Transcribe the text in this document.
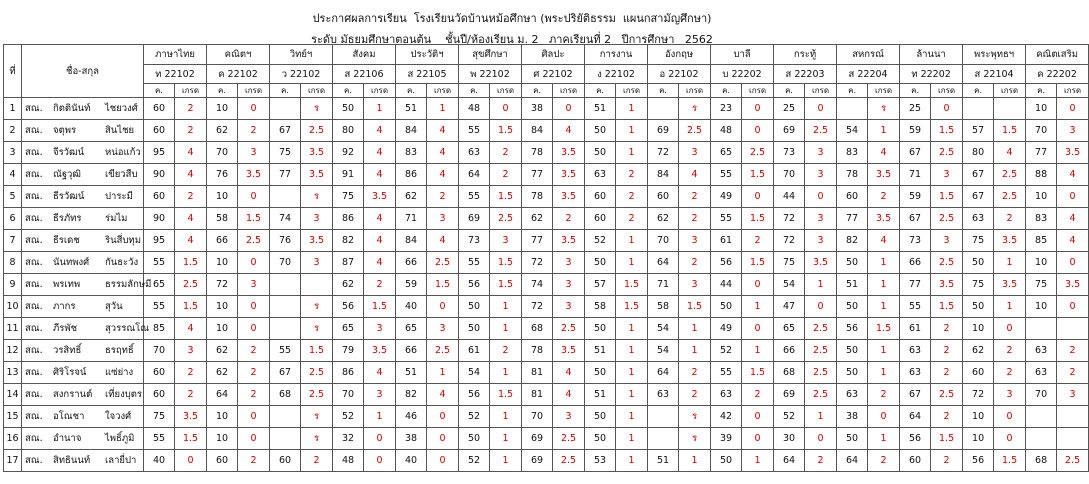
ประกาศผลการเรียน  โรงเรียนวัดบ้านหม้อศึกษา (พระปริยัติธรรม  แผนกสามัญศึกษา)
ระดับ มัธยมศึกษาตอนต้น    ชั้นปี/ห้องเรียน ม. 2   ภาคเรียนที่ 2   ปีการศึกษา   2562
ที่	ชื่อ-สกุล	ภาษาไทย		คณิตฯ		วิทย์ฯ		สังคม		ประวัติฯ		สุขศึกษา		ศิลปะ		การงาน		อังกฤษ		บาลี		กระทู้		สหกรณ์		ล้านนา		พระพุทธฯ		คณิตเสริม	
		ท 22102		ค 22102		ว 22102		ส 22106		ส 22105		พ 22102		ศ 22102		ง 22102		อ 22102		บ 22202		ส 22203		ส 22204		ท 22202		ส 22104		ค 22202	
		ค.	เกรด	ค.	เกรด	ค.	เกรด	ค.	เกรด	ค.	เกรด	ค.	เกรด	ค.	เกรด	ค.	เกรด	ค.	เกรด	ค.	เกรด	ค.	เกรด	ค.	เกรด	ค.	เกรด	ค.	เกรด	ค.	เกรด
1	สณ. กิตตินันท์ ไชยวงศ์	60	2	10	0		ร	50	1	51	1	48	0	38	0	51	1		ร	23	0	25	0		ร	25	0			10	0
2	สณ. จตุพร สินไชย	60	2	62	2	67	2.5	80	4	84	4	55	1.5	84	4	50	1	69	2.5	48	0	69	2.5	54	1	59	1.5	57	1.5	70	3
3	สณ. จีรวัฒน์ หน่อแก้ว	95	4	70	3	75	3.5	92	4	83	4	63	2	78	3.5	50	1	72	3	65	2.5	73	3	83	4	67	2.5	80	4	77	3.5
4	สณ. ณัฐวุฒิ เขียวสืบ	90	4	76	3.5	77	3.5	91	4	86	4	64	2	77	3.5	63	2	84	4	55	1.5	70	3	78	3.5	71	3	67	2.5	88	4
5	สณ. ธีรวัฒน์ ปาระมี	60	2	10	0		ร	75	3.5	62	2	55	1.5	78	3.5	60	2	60	2	49	0	44	0	60	2	59	1.5	67	2.5	10	0
6	สณ. ธีรภัทร ร่มไม	90	4	58	1.5	74	3	86	4	71	3	69	2.5	62	2	60	2	62	2	55	1.5	72	3	77	3.5	67	2.5	63	2	83	4
7	สณ. ธีรเดช รินสี่บทุม	95	4	66	2.5	76	3.5	82	4	84	4	73	3	77	3.5	52	1	70	3	61	2	72	3	82	4	73	3	75	3.5	85	4
8	สณ. นันทพงศ์ กันธะวัง	55	1.5	10	0	70	3	87	4	66	2.5	55	1.5	72	3	50	1	64	2	56	1.5	75	3.5	50	1	66	2.5	50	1	10	0
9	สณ. พรเทพ ธรรมลักษมี	65	2.5	72	3			62	2	59	1.5	56	1.5	74	3	57	1.5	71	3	44	0	54	1	51	1	77	3.5	75	3.5	75	3.5
10	สณ. ภากร สุวัน	55	1.5	10	0		ร	56	1.5	40	0	50	1	72	3	58	1.5	58	1.5	50	1	47	0	50	1	55	1.5	50	1	10	0
11	สณ. ภีรพัช สุวรรณโณ	85	4	10	0		ร	65	3	65	3	50	1	68	2.5	50	1	54	1	49	0	65	2.5	56	1.5	61	2	10	0		
12	สณ. วรสิทธิ์ ธรฤทธิ์	70	3	62	2	55	1.5	79	3.5	66	2.5	61	2	78	3.5	51	1	54	1	52	1	66	2.5	50	1	63	2	62	2	63	2
13	สณ. ศิริโรจน์ แซ่ย่าง	60	2	62	2	67	2.5	86	4	51	1	54	1	81	4	50	1	64	2	55	1.5	68	2.5	50	1	63	2	60	2	63	2
14	สณ. สงกรานต์ เที่ยงบุตร	60	2	64	2	68	2.5	70	3	82	4	56	1.5	81	4	51	1	63	2	63	2	69	2.5	63	2	67	2.5	72	3	70	3
15	สณ. อโณชา ใจวงศ์	75	3.5	10	0		ร	52	1	46	0	52	1	70	3	50	1		ร	42	0	52	1	38	0	64	2	10	0		
16	สณ. อำนาจ ไพธิ์ภูมิ	55	1.5	10	0		ร	32	0	38	0	50	1	69	2.5	50	1		ร	39	0	30	0	50	1	56	1.5	10	0		
17	สณ. สิทธินนท์ เลายี่ปา	40	0	60	2	60	2	48	0	40	0	52	1	69	2.5	53	1	51	1	50	1	64	2	64	2	60	2	56	1.5	68	2.5
